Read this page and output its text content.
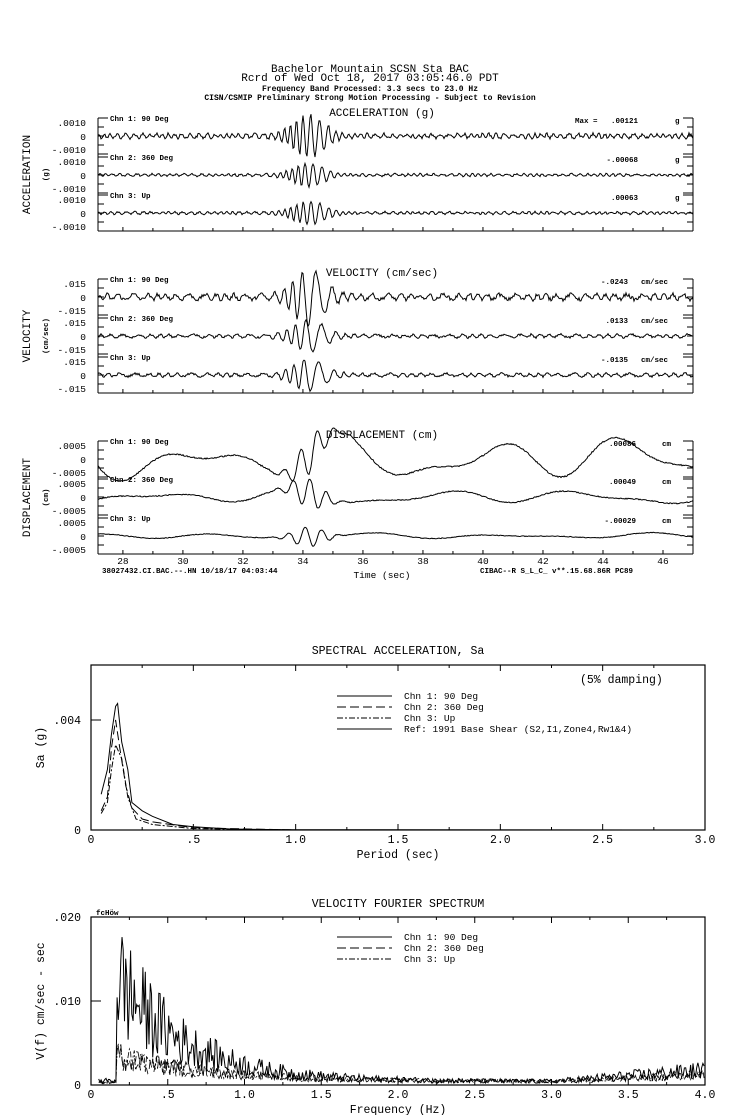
Bachelor Mountain SCSN Sta BAC
Rcrd of Wed Oct 18, 2017 03:05:46.0 PDT
Frequency Band Processed: 3.3 secs to 23.0 Hz
CISN/CSMIP Preliminary Strong Motion Processing - Subject to Revision
38027432.CI.BAC.--.HN 10/18/17 04:03:44	CIBAC--R S_L_C_ v**.15.68.86R PC89
ACCELERATION (g)
ACCELERATION (g)
.0010
0
-.0010
Chn 1: 90 Deg	Max = .00121	g
.0010
0
-.0010
Chn 2: 360 Deg	-.00068	g
.0010
0
-.0010
Chn 3: Up	.00063	g
VELOCITY (cm/sec)
VELOCITY (cm/sec)
.015
0
-.015
Chn 1: 90 Deg	-.0243 cm/sec
.015
0
-.015
Chn 2: 360 Deg	.0133 cm/sec
.015
0
-.015
Chn 3: Up	-.0135 cm/sec
DISPLACEMENT (cm)
DISPLACEMENT (cm)
.0005
0
-.0005
Chn 1: 90 Deg	.00086	cm
.0005
0
-.0005
Chn 2: 360 Deg	.00049	cm
.0005
0
-.0005
Chn 3: Up	-.00029	cm
28	30	32	34	36	38	40	42	44	46
Time (sec)
SPECTRAL ACCELERATION, Sa
0	.5	1.0	1.5	2.0	2.5	3.0
0
.004
Period (sec)
Sa (g)
Chn 1: 90 Deg
Chn 2: 360 Deg
Chn 3: Up
Ref: 1991 Base Shear (S2,I1,Zone4,Rw1&4)
(5% damping)
VELOCITY FOURIER SPECTRUM
0	.5	1.0	1.5	2.0	2.5	3.0	3.5	4.0
0
.010
.020
Frequency (Hz)
V(f) cm/sec - sec
Chn 1: 90 Deg
Chn 2: 360 Deg
Chn 3: Up
fcHöw
